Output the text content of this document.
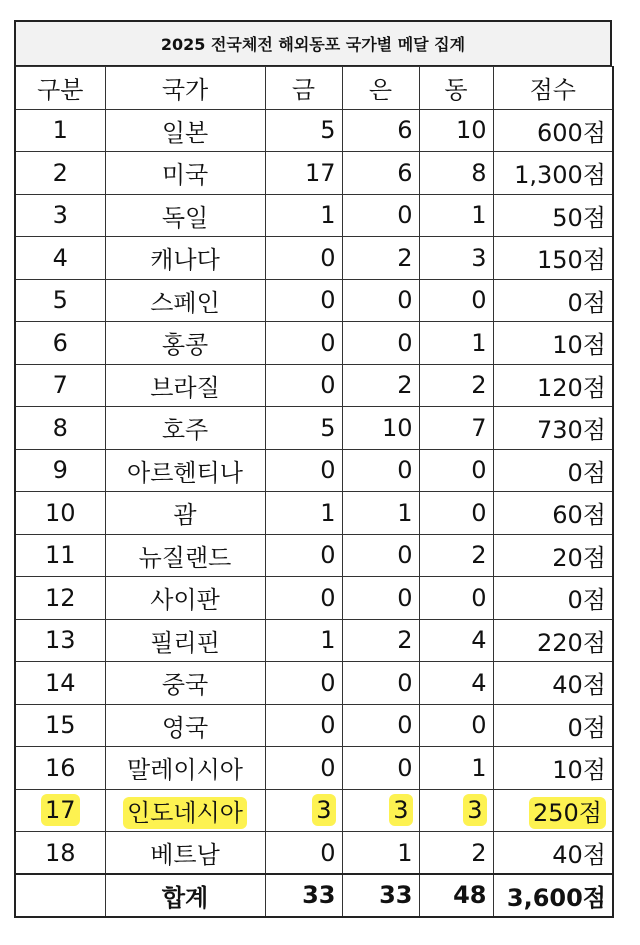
2025 전국체전 해외동포 국가별 메달 집계
구분	국가	금	은	동	점수
1	일본	5	6	10	600점
2	미국	17	6	8	1,300점
3	독일	1	0	1	50점
4	캐나다	0	2	3	150점
5	스페인	0	0	0	0점
6	홍콩	0	0	1	10점
7	브라질	0	2	2	120점
8	호주	5	10	7	730점
9	아르헨티나	0	0	0	0점
10	괌	1	1	0	60점
11	뉴질랜드	0	0	2	20점
12	사이판	0	0	0	0점
13	필리핀	1	2	4	220점
14	중국	0	0	4	40점
15	영국	0	0	0	0점
16	말레이시아	0	0	1	10점
17	인도네시아	3	3	3	250점
18	베트남	0	1	2	40점
	합계	33	33	48	3,600점
